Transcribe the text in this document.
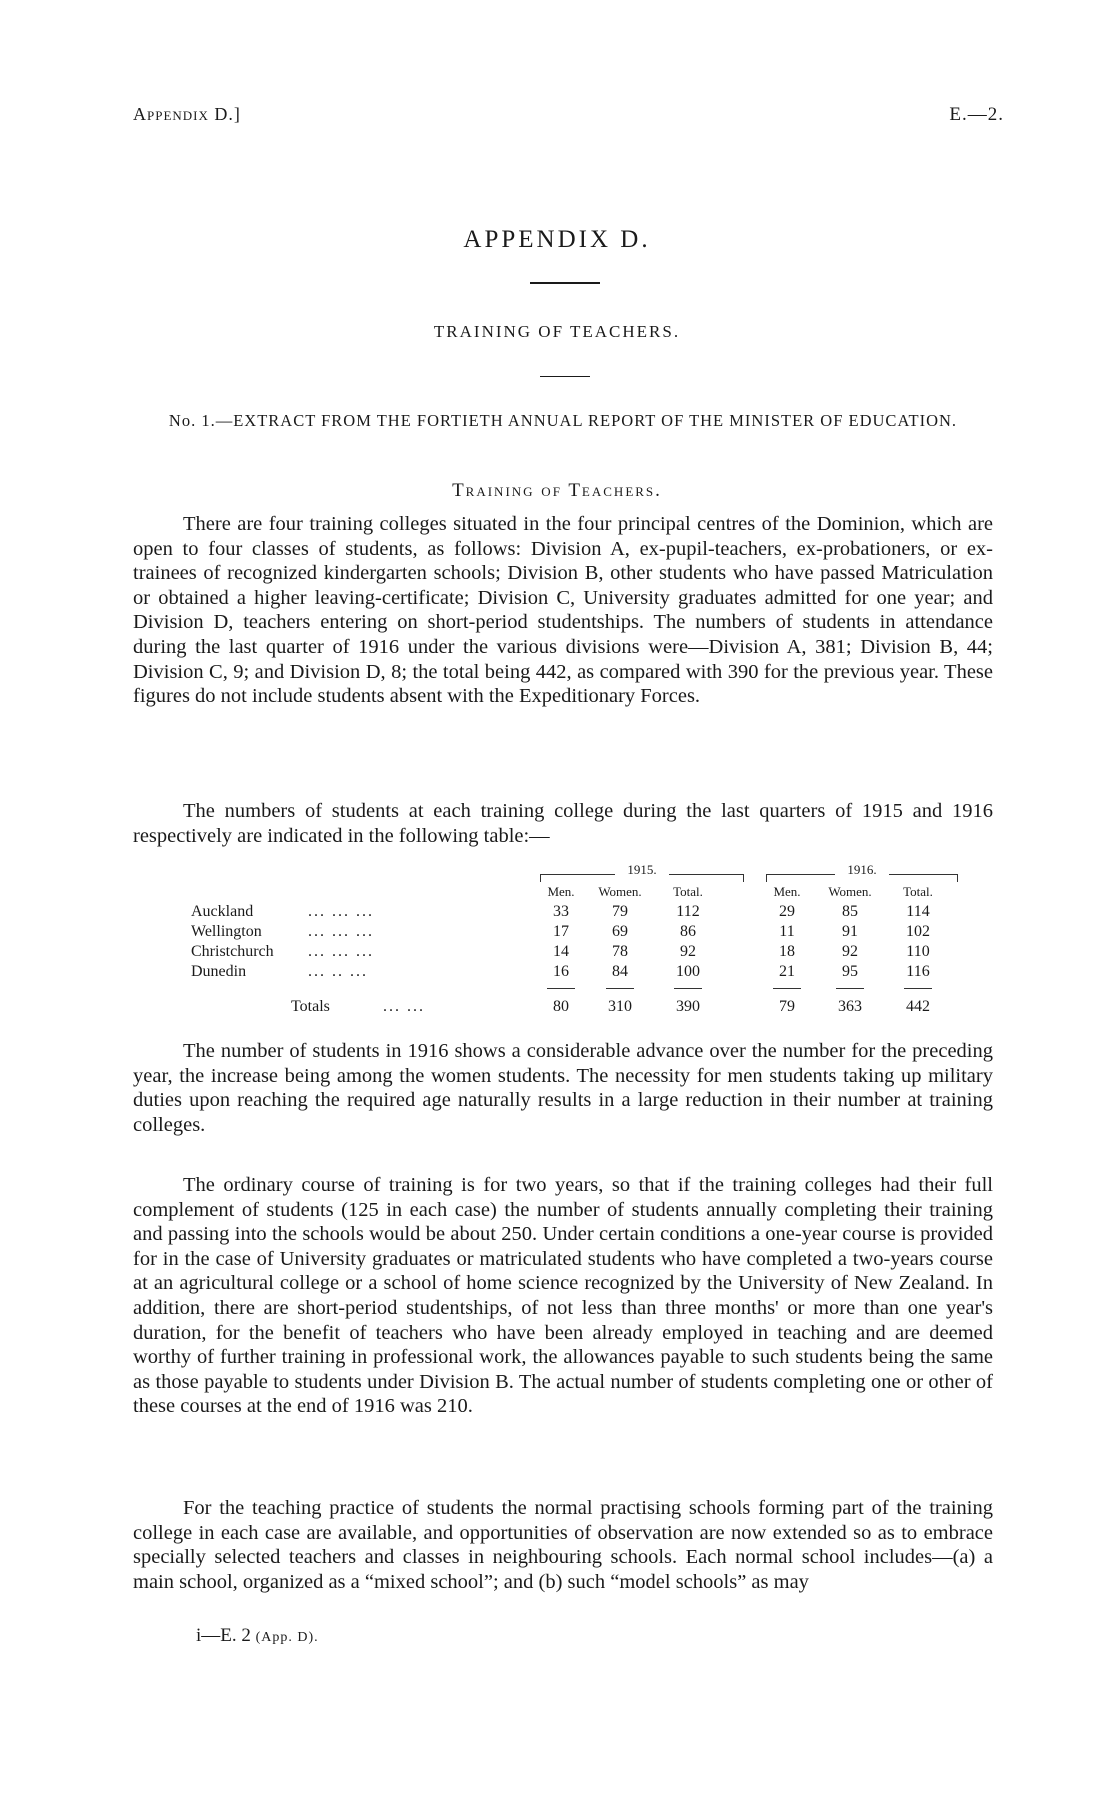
Appendix D.]	E.—2.
APPENDIX D.
TRAINING OF TEACHERS.
No. 1.—EXTRACT FROM THE FORTIETH ANNUAL REPORT OF THE MINISTER OF EDUCATION.
Training of Teachers.

There are four training colleges situated in the four principal centres of the Dominion, which are open to four classes of students, as follows: Division A, ex-pupil-teachers, ex-probationers, or ex-trainees of recognized kindergarten schools; Division B, other students who have passed Matriculation or obtained a higher leaving-certificate; Division C, University graduates admitted for one year; and Division D, teachers entering on short-period studentships. The numbers of students in attendance during the last quarter of 1916 under the various divisions were—Division A, 381; Division B, 44; Division C, 9; and Division D, 8; the total being 442, as compared with 390 for the previous year. These figures do not include students absent with the Expeditionary Forces.

The numbers of students at each training college during the last quarters of 1915 and 1916 respectively are indicated in the following table:—

1915.	1916.
Men.	Women.	Total.	Men.	Women.	Total.
Auckland	... ... ...	33	79	112	29	85	114
Wellington	... ... ...	17	69	86	11	91	102
Christchurch ... ... ...	14	78	92	18	92	110
Dunedin	... .. ...	16	84	100	21	95	116
Totals	... ...	80	310	390	79	363	442

The number of students in 1916 shows a considerable advance over the number for the preceding year, the increase being among the women students. The necessity for men students taking up military duties upon reaching the required age naturally results in a large reduction in their number at training colleges.

The ordinary course of training is for two years, so that if the training colleges had their full complement of students (125 in each case) the number of students annually completing their training and passing into the schools would be about 250. Under certain conditions a one-year course is provided for in the case of University graduates or matriculated students who have completed a two-years course at an agricultural college or a school of home science recognized by the University of New Zealand. In addition, there are short-period studentships, of not less than three months' or more than one year's duration, for the benefit of teachers who have been already employed in teaching and are deemed worthy of further training in professional work, the allowances payable to such students being the same as those payable to students under Division B. The actual number of students completing one or other of these courses at the end of 1916 was 210.

For the teaching practice of students the normal practising schools forming part of the training college in each case are available, and opportunities of observation are now extended so as to embrace specially selected teachers and classes in neighbouring schools. Each normal school includes—(a) a main school, organized as a “mixed school”; and (b) such “model schools” as may

i—E. 2 (App. D).
